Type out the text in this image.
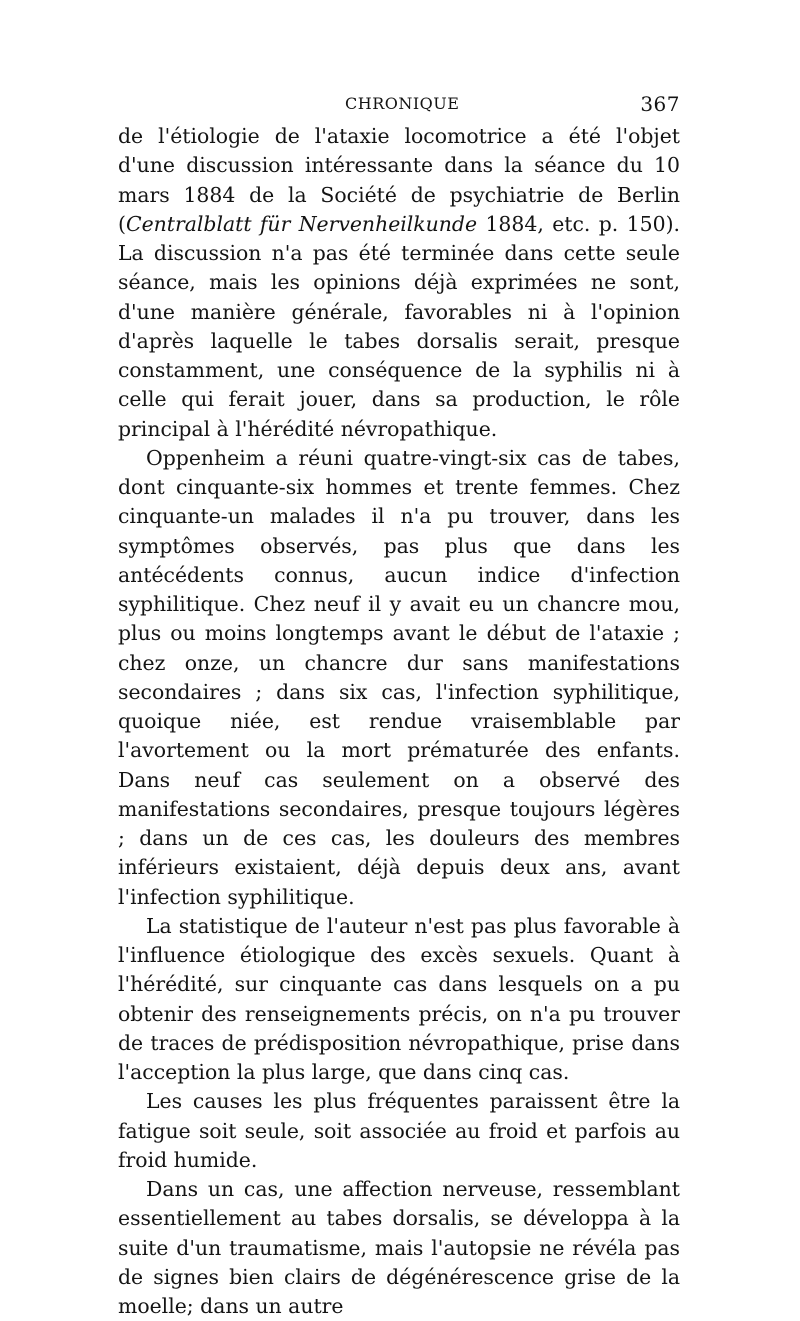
CHRONIQUE	367

de l'étiologie de l'ataxie locomotrice a été l'objet d'une discussion intéressante dans la séance du 10 mars 1884 de la Société de psychiatrie de Berlin (Centralblatt für Nervenheilkunde 1884, etc. p. 150). La discussion n'a pas été terminée dans cette seule séance, mais les opinions déjà exprimées ne sont, d'une manière générale, favorables ni à l'opinion d'après laquelle le tabes dorsalis serait, presque constamment, une conséquence de la syphilis ni à celle qui ferait jouer, dans sa production, le rôle principal à l'hérédité névropathique.

Oppenheim a réuni quatre-vingt-six cas de tabes, dont cinquante-six hommes et trente femmes. Chez cinquante-un malades il n'a pu trouver, dans les symptômes observés, pas plus que dans les antécédents connus, aucun indice d'infection syphilitique. Chez neuf il y avait eu un chancre mou, plus ou moins longtemps avant le début de l'ataxie ; chez onze, un chancre dur sans manifestations secondaires ; dans six cas, l'infection syphilitique, quoique niée, est rendue vraisemblable par l'avortement ou la mort prématurée des enfants. Dans neuf cas seulement on a observé des manifestations secondaires, presque toujours légères ; dans un de ces cas, les douleurs des membres inférieurs existaient, déjà depuis deux ans, avant l'infection syphilitique.

La statistique de l'auteur n'est pas plus favorable à l'influence étiologique des excès sexuels. Quant à l'hérédité, sur cinquante cas dans lesquels on a pu obtenir des renseignements précis, on n'a pu trouver de traces de prédisposition névropathique, prise dans l'acception la plus large, que dans cinq cas.

Les causes les plus fréquentes paraissent être la fatigue soit seule, soit associée au froid et parfois au froid humide.

Dans un cas, une affection nerveuse, ressemblant essentiellement au tabes dorsalis, se développa à la suite d'un traumatisme, mais l'autopsie ne révéla pas de signes bien clairs de dégénérescence grise de la moelle; dans un autre
